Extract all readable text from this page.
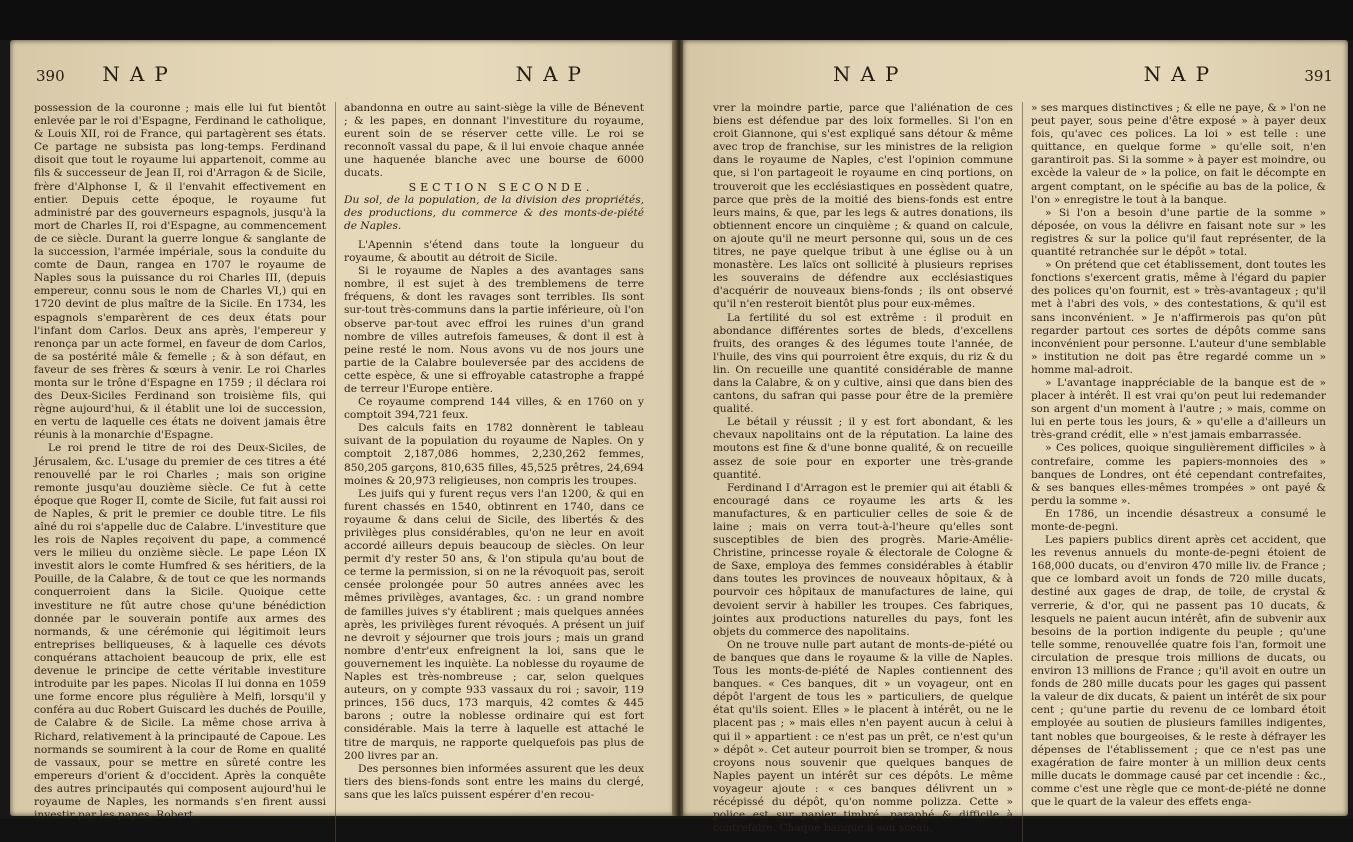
390 NAP	NAP

possession de la couronne ; mais elle lui fut bientôt enlevée par le roi d'Espagne, Ferdinand le catholique, & Louis XII, roi de France, qui partagèrent ses états. Ce partage ne subsista pas long-temps. Ferdinand disoit que tout le royaume lui appartenoit, comme au fils & successeur de Jean II, roi d'Arragon & de Sicile, frère d'Alphonse I, & il l'envahit effectivement en entier. Depuis cette époque, le royaume fut administré par des gouverneurs espagnols, jusqu'à la mort de Charles II, roi d'Espagne, au commencement de ce siècle. Durant la guerre longue & sanglante de la succession, l'armée impériale, sous la conduite du comte de Daun, rangea en 1707 le royaume de Naples sous la puissance du roi Charles III, (depuis empereur, connu sous le nom de Charles VI,) qui en 1720 devint de plus maître de la Sicile. En 1734, les espagnols s'emparèrent de ces deux états pour l'infant dom Carlos. Deux ans après, l'empereur y renonça par un acte formel, en faveur de dom Carlos, de sa postérité mâle & femelle ; & à son défaut, en faveur de ses frères & sœurs à venir. Le roi Charles monta sur le trône d'Espagne en 1759 ; il déclara roi des Deux-Siciles Ferdinand son troisième fils, qui règne aujourd'hui, & il établit une loi de succession, en vertu de laquelle ces états ne doivent jamais être réunis à la monarchie d'Espagne.

Le roi prend le titre de roi des Deux-Siciles, de Jérusalem, &c. L'usage du premier de ces titres a été renouvellé par le roi Charles ; mais son origine remonte jusqu'au douzième siècle. Ce fut à cette époque que Roger II, comte de Sicile, fut fait aussi roi de Naples, & prit le premier ce double titre. Le fils aîné du roi s'appelle duc de Calabre. L'investiture que les rois de Naples reçoivent du pape, a commencé vers le milieu du onzième siècle. Le pape Léon IX investit alors le comte Humfred & ses héritiers, de la Pouille, de la Calabre, & de tout ce que les normands conquerroient dans la Sicile. Quoique cette investiture ne fût autre chose qu'une bénédiction donnée par le souverain pontife aux armes des normands, & une cérémonie qui légitimoit leurs entreprises belliqueuses, & à laquelle ces dévots conquérans attachoient beaucoup de prix, elle est devenue le principe de cette véritable investiture introduite par les papes. Nicolas II lui donna en 1059 une forme encore plus régulière à Melfi, lorsqu'il y conféra au duc Robert Guiscard les duchés de Pouille, de Calabre & de Sicile. La même chose arriva à Richard, relativement à la principauté de Capoue. Les normands se soumirent à la cour de Rome en qualité de vassaux, pour se mettre en sûreté contre les empereurs d'orient & d'occident. Après la conquête des autres principautés qui composent aujourd'hui le royaume de Naples, les normands s'en firent aussi investir par les papes. Robert

abandonna en outre au saint-siège la ville de Bénevent ; & les papes, en donnant l'investiture du royaume, eurent soin de se réserver cette ville. Le roi se reconnoît vassal du pape, & il lui envoie chaque année une haquenée blanche avec une bourse de 6000 ducats.

SECTION SECONDE.

Du sol, de la population, de la division des propriétés, des productions, du commerce & des monts-de-piété de Naples.

L'Apennin s'étend dans toute la longueur du royaume, & aboutit au détroit de Sicile.

Si le royaume de Naples a des avantages sans nombre, il est sujet à des tremblemens de terre fréquens, & dont les ravages sont terribles. Ils sont sur-tout très-communs dans la partie inférieure, où l'on observe par-tout avec effroi les ruines d'un grand nombre de villes autrefois fameuses, & dont il est à peine resté le nom. Nous avons vu de nos jours une partie de la Calabre bouleversée par des accidens de cette espèce, & une si effroyable catastrophe a frappé de terreur l'Europe entière.

Ce royaume comprend 144 villes, & en 1760 on y comptoit 394,721 feux.

Des calculs faits en 1782 donnèrent le tableau suivant de la population du royaume de Naples. On y comptoit 2,187,086 hommes, 2,230,262 femmes, 850,205 garçons, 810,635 filles, 45,525 prêtres, 24,694 moines & 20,973 religieuses, non compris les troupes.

Les juifs qui y furent reçus vers l'an 1200, & qui en furent chassés en 1540, obtinrent en 1740, dans ce royaume & dans celui de Sicile, des libertés & des privilèges plus considérables, qu'on ne leur en avoit accordé ailleurs depuis beaucoup de siècles. On leur permit d'y rester 50 ans, & l'on stipula qu'au bout de ce terme la permission, si on ne la révoquoit pas, seroit censée prolongée pour 50 autres années avec les mêmes privilèges, avantages, &c. : un grand nombre de familles juives s'y établirent ; mais quelques années après, les privilèges furent révoqués. A présent un juif ne devroit y séjourner que trois jours ; mais un grand nombre d'entr'eux enfreignent la loi, sans que le gouvernement les inquiète. La noblesse du royaume de Naples est très-nombreuse ; car, selon quelques auteurs, on y compte 933 vassaux du roi ; savoir, 119 princes, 156 ducs, 173 marquis, 42 comtes & 445 barons ; outre la noblesse ordinaire qui est fort considérable. Mais la terre à laquelle est attaché le titre de marquis, ne rapporte quelquefois pas plus de 200 livres par an.

Des personnes bien informées assurent que les deux tiers des biens-fonds sont entre les mains du clergé, sans que les laïcs puissent espérer d'en recou-

NAP	NAP	391

vrer la moindre partie, parce que l'aliénation de ces biens est défendue par des loix formelles. Si l'on en croit Giannone, qui s'est expliqué sans détour & même avec trop de franchise, sur les ministres de la religion dans le royaume de Naples, c'est l'opinion commune que, si l'on partageoit le royaume en cinq portions, on trouveroit que les ecclésiastiques en possèdent quatre, parce que près de la moitié des biens-fonds est entre leurs mains, & que, par les legs & autres donations, ils obtiennent encore un cinquième ; & quand on calcule, on ajoute qu'il ne meurt personne qui, sous un de ces titres, ne paye quelque tribut à une église ou à un monastère. Les laïcs ont sollicité à plusieurs reprises les souverains de défendre aux ecclésiastiques d'acquérir de nouveaux biens-fonds ; ils ont observé qu'il n'en resteroit bientôt plus pour eux-mêmes.

La fertilité du sol est extrême : il produit en abondance différentes sortes de bleds, d'excellens fruits, des oranges & des légumes toute l'année, de l'huile, des vins qui pourroient être exquis, du riz & du lin. On recueille une quantité considérable de manne dans la Calabre, & on y cultive, ainsi que dans bien des cantons, du safran qui passe pour être de la première qualité.

Le bétail y réussit ; il y est fort abondant, & les chevaux napolitains ont de la réputation. La laine des moutons est fine & d'une bonne qualité, & on recueille assez de soie pour en exporter une très-grande quantité.

Ferdinand I d'Arragon est le premier qui ait établi & encouragé dans ce royaume les arts & les manufactures, & en particulier celles de soie & de laine ; mais on verra tout-à-l'heure qu'elles sont susceptibles de bien des progrès. Marie-Amélie-Christine, princesse royale & électorale de Cologne & de Saxe, employa des femmes considérables à établir dans toutes les provinces de nouveaux hôpitaux, & à pourvoir ces hôpitaux de manufactures de laine, qui devoient servir à habiller les troupes. Ces fabriques, jointes aux productions naturelles du pays, font les objets du commerce des napolitains.

On ne trouve nulle part autant de monts-de-piété ou de banques que dans le royaume & la ville de Naples. Tous les monts-de-piété de Naples contiennent des banques. « Ces banques, dit » un voyageur, ont en dépôt l'argent de tous les » particuliers, de quelque état qu'ils soient. Elles » le placent à intérêt, ou ne le placent pas ; » mais elles n'en payent aucun à celui à qui il » appartient : ce n'est pas un prêt, ce n'est qu'un » dépôt ». Cet auteur pourroit bien se tromper, & nous croyons nous souvenir que quelques banques de Naples payent un intérêt sur ces dépôts. Le même voyageur ajoute : « ces banques délivrent un » récépissé du dépôt, qu'on nomme polizza. Cette » police est sur papier timbré, paraphé & difficile à contrefaire. Chaque banque a son sceau,

» ses marques distinctives ; & elle ne paye, & » l'on ne peut payer, sous peine d'être exposé » à payer deux fois, qu'avec ces polices. La loi » est telle : une quittance, en quelque forme » qu'elle soit, n'en garantiroit pas. Si la somme » à payer est moindre, ou excède la valeur de » la police, on fait le décompte en argent comptant, on le spécifie au bas de la police, & l'on » enregistre le tout à la banque.

» Si l'on a besoin d'une partie de la somme » déposée, on vous la délivre en faisant note sur » les registres & sur la police qu'il faut représenter, de la quantité retranchée sur le dépôt » total.

» On prétend que cet établissement, dont toutes les fonctions s'exercent gratis, même à l'égard du papier des polices qu'on fournit, est » très-avantageux ; qu'il met à l'abri des vols, » des contestations, & qu'il est sans inconvénient. » Je n'affirmerois pas qu'on pût regarder partout ces sortes de dépôts comme sans inconvénient pour personne. L'auteur d'une semblable » institution ne doit pas être regardé comme un » homme mal-adroit.

» L'avantage inappréciable de la banque est de » placer à intérêt. Il est vrai qu'on peut lui redemander son argent d'un moment à l'autre ; » mais, comme on lui en perte tous les jours, & » qu'elle a d'ailleurs un très-grand crédit, elle » n'est jamais embarrassée.

» Ces polices, quoique singulièrement difficiles » à contrefaire, comme les papiers-monnoies des » banques de Londres, ont été cependant contrefaites, & ses banques elles-mêmes trompées » ont payé & perdu la somme ».

En 1786, un incendie désastreux a consumé le monte-de-pegni.

Les papiers publics dirent après cet accident, que les revenus annuels du monte-de-pegni étoient de 168,000 ducats, ou d'environ 470 mille liv. de France ; que ce lombard avoit un fonds de 720 mille ducats, destiné aux gages de drap, de toile, de crystal & verrerie, & d'or, qui ne passent pas 10 ducats, & lesquels ne paient aucun intérêt, afin de subvenir aux besoins de la portion indigente du peuple ; qu'une telle somme, renouvellée quatre fois l'an, formoit une circulation de presque trois millions de ducats, ou environ 13 millions de France ; qu'il avoit en outre un fonds de 280 mille ducats pour les gages qui passent la valeur de dix ducats, & paient un intérêt de six pour cent ; qu'une partie du revenu de ce lombard étoit employée au soutien de plusieurs familles indigentes, tant nobles que bourgeoises, & le reste à défrayer les dépenses de l'établissement ; que ce n'est pas une exagération de faire monter à un million deux cents mille ducats le dommage causé par cet incendie : &c., comme c'est une règle que ce mont-de-piété ne donne que le quart de la valeur des effets enga-
